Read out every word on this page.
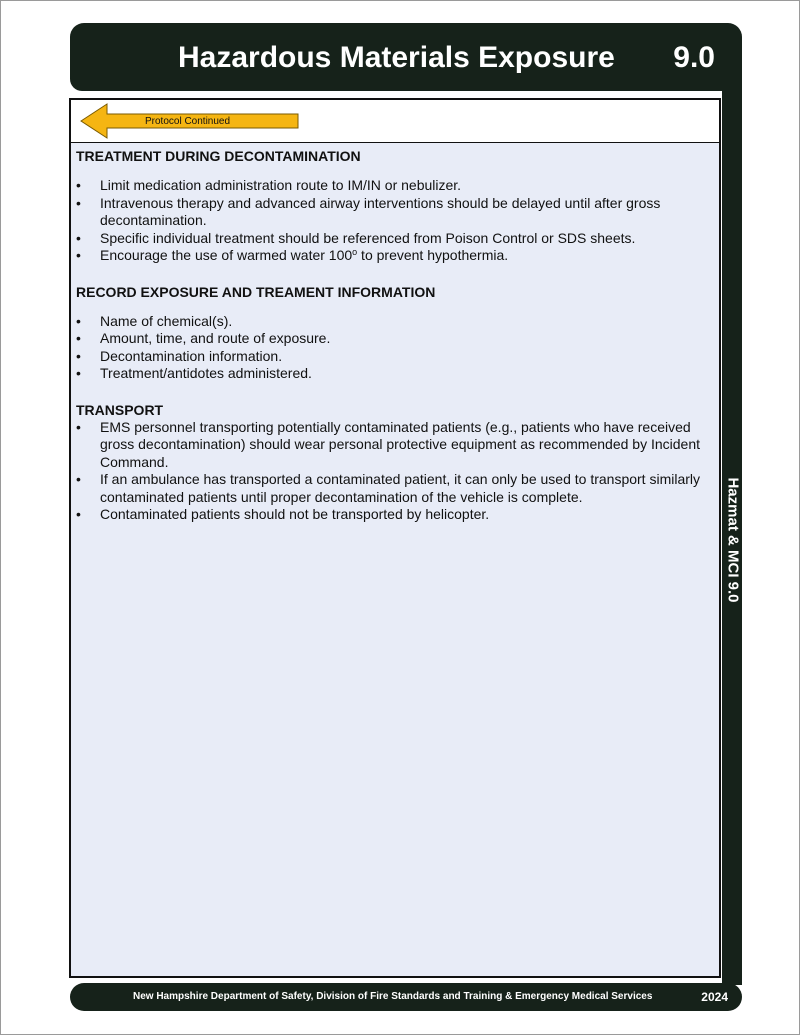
Hazardous Materials Exposure 9.0
Hazmat & MCI 9.0
Protocol Continued
TREATMENT DURING DECONTAMINATION
• Limit medication administration route to IM/IN or nebulizer.
• Intravenous therapy and advanced airway interventions should be delayed until after gross decontamination.
• Specific individual treatment should be referenced from Poison Control or SDS sheets.
• Encourage the use of warmed water 100$^o$ to prevent hypothermia.
RECORD EXPOSURE AND TREAMENT INFORMATION
• Name of chemical(s).
• Amount, time, and route of exposure.
• Decontamination information.
• Treatment/antidotes administered.
TRANSPORT
• EMS personnel transporting potentially contaminated patients (e.g., patients who have received gross decontamination) should wear personal protective equipment as recommended by Incident Command.
• If an ambulance has transported a contaminated patient, it can only be used to transport similarly contaminated patients until proper decontamination of the vehicle is complete.
• Contaminated patients should not be transported by helicopter.
New Hampshire Department of Safety, Division of Fire Standards and Training & Emergency Medical Services	2024
